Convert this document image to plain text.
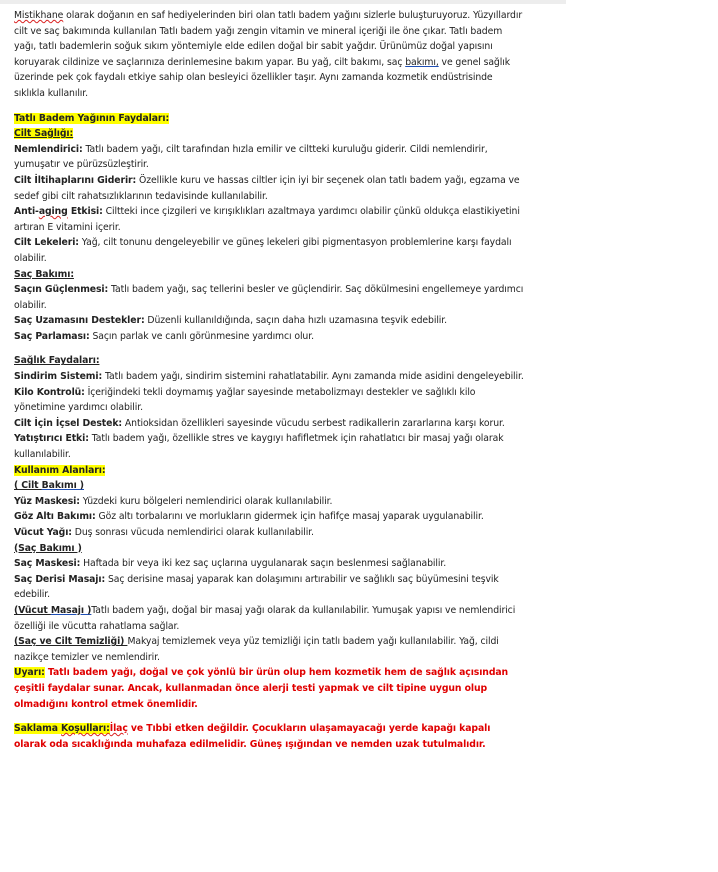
Mistikhane olarak doğanın en saf hediyelerinden biri olan tatlı badem yağını sizlerle buluşturuyoruz. Yüzyıllardır cilt ve saç bakımında kullanılan Tatlı badem yağı zengin vitamin ve mineral içeriği ile öne çıkar. Tatlı badem yağı, tatlı bademlerin soğuk sıkım yöntemiyle elde edilen doğal bir sabit yağdır. Ürünümüz doğal yapısını koruyarak cildinize ve saçlarınıza derinlemesine bakım yapar. Bu yağ, cilt bakımı, saç bakımı, ve genel sağlık üzerinde pek çok faydalı etkiye sahip olan besleyici özellikler taşır. Aynı zamanda kozmetik endüstrisinde sıklıkla kullanılır.

Tatlı Badem Yağının Faydaları:

Cilt Sağlığı:

Nemlendirici: Tatlı badem yağı, cilt tarafından hızla emilir ve ciltteki kuruluğu giderir. Cildi nemlendirir, yumuşatır ve pürüzsüzleştirir.

Cilt İltihaplarını Giderir: Özellikle kuru ve hassas ciltler için iyi bir seçenek olan tatlı badem yağı, egzama ve sedef gibi cilt rahatsızlıklarının tedavisinde kullanılabilir.

Anti-aging Etkisi: Ciltteki ince çizgileri ve kırışıklıkları azaltmaya yardımcı olabilir çünkü oldukça elastikiyetini artıran E vitamini içerir.

Cilt Lekeleri: Yağ, cilt tonunu dengeleyebilir ve güneş lekeleri gibi pigmentasyon problemlerine karşı faydalı olabilir.

Saç Bakımı:

Saçın Güçlenmesi: Tatlı badem yağı, saç tellerini besler ve güçlendirir. Saç dökülmesini engellemeye yardımcı olabilir.

Saç Uzamasını Destekler: Düzenli kullanıldığında, saçın daha hızlı uzamasına teşvik edebilir.

Saç Parlaması: Saçın parlak ve canlı görünmesine yardımcı olur.

Sağlık Faydaları:

Sindirim Sistemi: Tatlı badem yağı, sindirim sistemini rahatlatabilir. Aynı zamanda mide asidini dengeleyebilir.

Kilo Kontrolü: İçeriğindeki tekli doymamış yağlar sayesinde metabolizmayı destekler ve sağlıklı kilo yönetimine yardımcı olabilir.

Cilt İçin İçsel Destek: Antioksidan özellikleri sayesinde vücudu serbest radikallerin zararlarına karşı korur.

Yatıştırıcı Etki: Tatlı badem yağı, özellikle stres ve kaygıyı hafifletmek için rahatlatıcı bir masaj yağı olarak kullanılabilir.

Kullanım Alanları:

( Cilt Bakımı )

Yüz Maskesi: Yüzdeki kuru bölgeleri nemlendirici olarak kullanılabilir.

Göz Altı Bakımı: Göz altı torbalarını ve morlukların gidermek için hafifçe masaj yaparak uygulanabilir.

Vücut Yağı: Duş sonrası vücuda nemlendirici olarak kullanılabilir.

(Saç Bakımı )

Saç Maskesi: Haftada bir veya iki kez saç uçlarına uygulanarak saçın beslenmesi sağlanabilir.

Saç Derisi Masajı: Saç derisine masaj yaparak kan dolaşımını artırabilir ve sağlıklı saç büyümesini teşvik edebilir.

(Vücut Masajı )Tatlı badem yağı, doğal bir masaj yağı olarak da kullanılabilir. Yumuşak yapısı ve nemlendirici özelliği ile vücutta rahatlama sağlar.

(Saç ve Cilt Temizliği) Makyaj temizlemek veya yüz temizliği için tatlı badem yağı kullanılabilir. Yağ, cildi nazikçe temizler ve nemlendirir.

Uyarı: Tatlı badem yağı, doğal ve çok yönlü bir ürün olup hem kozmetik hem de sağlık açısından çeşitli faydalar sunar. Ancak, kullanmadan önce alerji testi yapmak ve cilt tipine uygun olup olmadığını kontrol etmek önemlidir.

Saklama Koşulları:İlaç ve Tıbbi etken değildir. Çocukların ulaşamayacağı yerde kapağı kapalı olarak oda sıcaklığında muhafaza edilmelidir. Güneş ışığından ve nemden uzak tutulmalıdır.
